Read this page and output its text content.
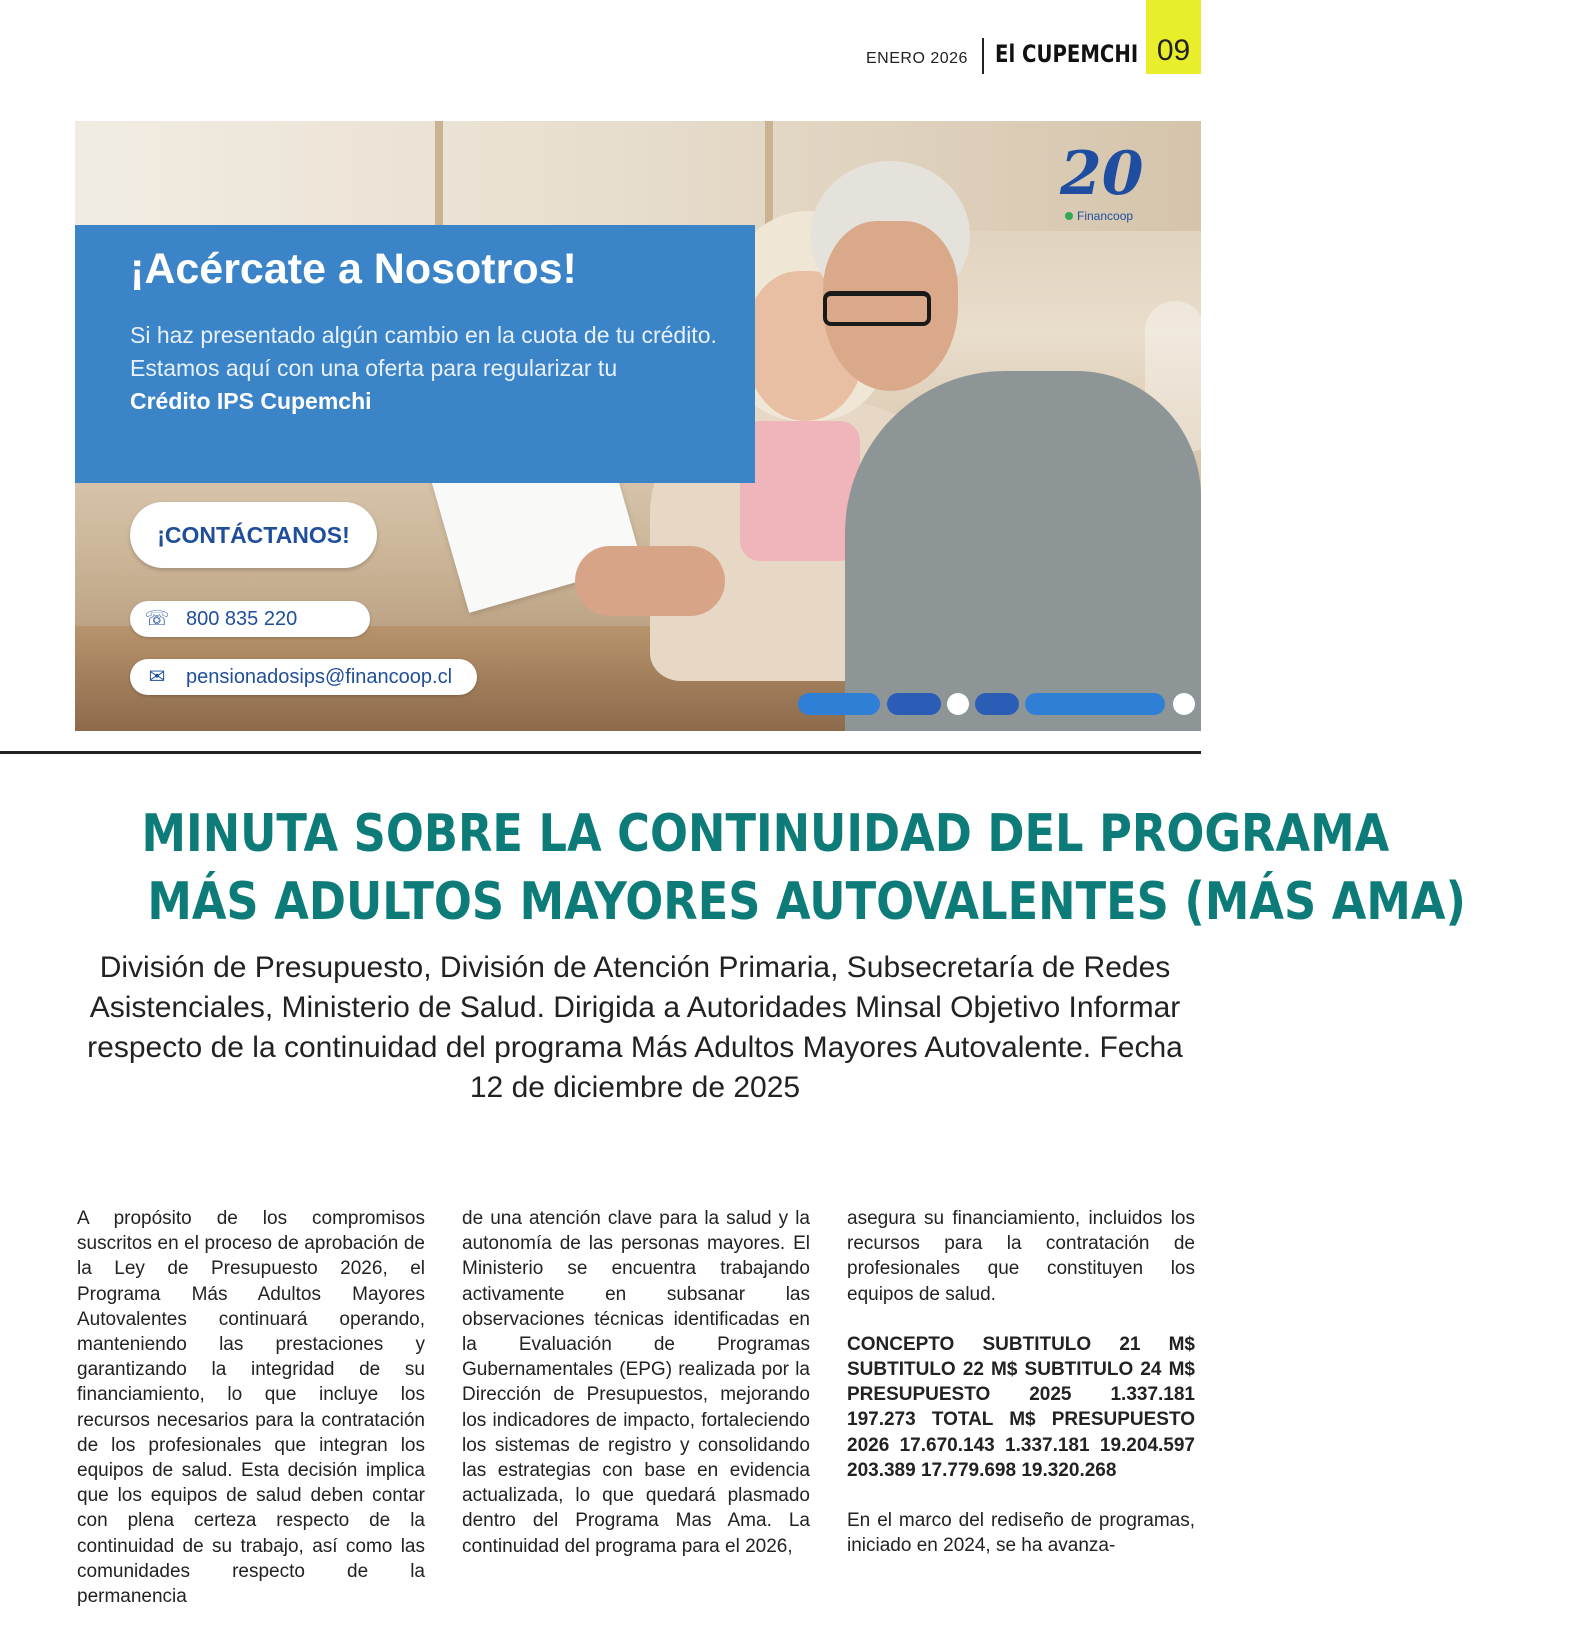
ENERO 2026 El CUPEMCHI 09
20
Financoop
¡Acércate a Nosotros!
Si haz presentado algún cambio en la cuota de tu crédito.
Estamos aquí con una oferta para regularizar tu
Crédito IPS Cupemchi
¡CONTÁCTANOS!
☏ 800 835 220
✉ pensionadosips@financoop.cl
MINUTA SOBRE LA CONTINUIDAD DEL PROGRAMA
MÁS ADULTOS MAYORES AUTOVALENTES (MÁS AMA)
División de Presupuesto, División de Atención Primaria, Subsecretaría de Redes Asistenciales, Ministerio de Salud. Dirigida a Autoridades Minsal Objetivo Informar respecto de la continuidad del programa Más Adultos Mayores Autovalente. Fecha 12 de diciembre de 2025

A propósito de los compromisos suscritos en el proceso de aprobación de la Ley de Presupuesto 2026, el Programa Más Adultos Mayores Autovalentes continuará operando, manteniendo las prestaciones y garantizando la integridad de su financiamiento, lo que incluye los recursos necesarios para la contratación de los profesionales que integran los equipos de salud. Esta decisión implica que los equipos de salud deben contar con plena certeza respecto de la continuidad de su trabajo, así como las comunidades respecto de la permanencia

de una atención clave para la salud y la autonomía de las personas mayores. El Ministerio se encuentra trabajando activamente en subsanar las observaciones técnicas identificadas en la Evaluación de Programas Gubernamentales (EPG) realizada por la Dirección de Presupuestos, mejorando los indicadores de impacto, fortaleciendo los sistemas de registro y consolidando las estrategias con base en evidencia actualizada, lo que quedará plasmado dentro del Programa Mas Ama. La continuidad del programa para el 2026,

asegura su financiamiento, incluidos los recursos para la contratación de profesionales que constituyen los equipos de salud.

CONCEPTO SUBTITULO 21 M$ SUBTITULO 22 M$ SUBTITULO 24 M$ PRESUPUESTO 2025 1.337.181 197.273 TOTAL M$ PRESUPUESTO 2026 17.670.143 1.337.181 19.204.597 203.389 17.779.698 19.320.268

En el marco del rediseño de programas, iniciado en 2024, se ha avanza-
